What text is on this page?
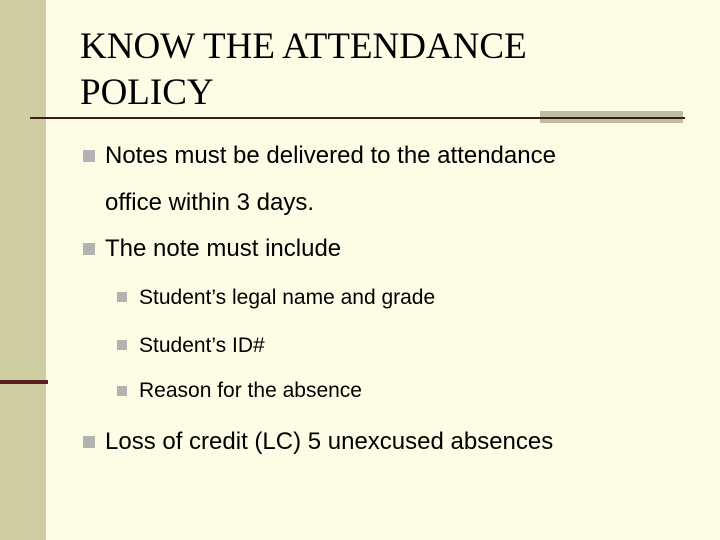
KNOW THE ATTENDANCE
POLICY
Notes must be delivered to the attendance
office within 3 days.
The note must include
Student’s legal name and grade
Student’s ID#
Reason for the absence
Loss of credit (LC) 5 unexcused absences
